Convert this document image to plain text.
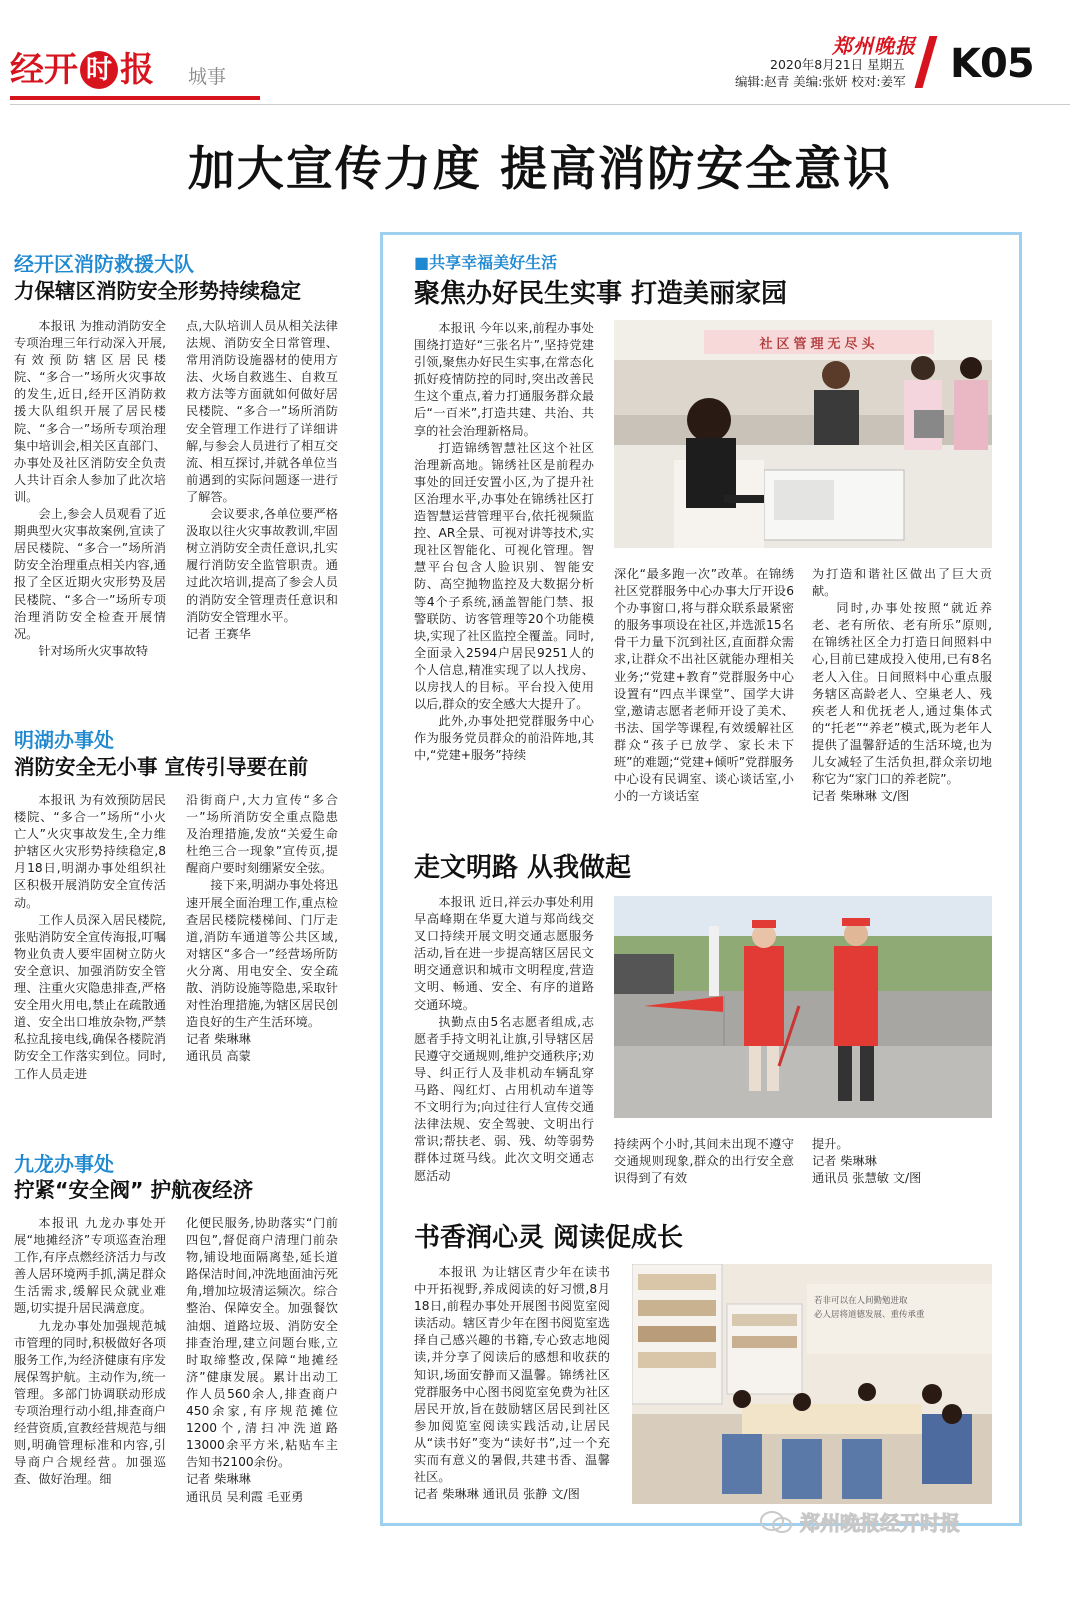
经开 时 报 城事
郑州晚报
2020年8月21日 星期五
编辑:赵青 美编:张妍 校对:姜军 K05
加大宣传力度 提高消防安全意识
经开区消防救援大队
力保辖区消防安全形势持续稳定

本报讯 为推动消防安全专项治理三年行动深入开展,有效预防辖区居民楼院、“多合一”场所火灾事故的发生,近日,经开区消防救援大队组织开展了居民楼院、“多合一”场所专项治理集中培训会,相关区直部门、办事处及社区消防安全负责人共计百余人参加了此次培训。

会上,参会人员观看了近期典型火灾事故案例,宣读了居民楼院、“多合一”场所消防安全治理重点相关内容,通报了全区近期火灾形势及居民楼院、“多合一”场所专项治理消防安全检查开展情况。

针对场所火灾事故特

点,大队培训人员从相关法律法规、消防安全日常管理、常用消防设施器材的使用方法、火场自救逃生、自救互救方法等方面就如何做好居民楼院、“多合一”场所消防安全管理工作进行了详细讲解,与参会人员进行了相互交流、相互探讨,并就各单位当前遇到的实际问题逐一进行了解答。

会议要求,各单位要严格汲取以往火灾事故教训,牢固树立消防安全责任意识,扎实履行消防安全监管职责。通过此次培训,提高了参会人员的消防安全管理责任意识和消防安全管理水平。

记者 王赛华
明湖办事处
消防安全无小事 宣传引导要在前

本报讯 为有效预防居民楼院、“多合一”场所“小火亡人”火灾事故发生,全力维护辖区火灾形势持续稳定,8月18日,明湖办事处组织社区积极开展消防安全宣传活动。

工作人员深入居民楼院,张贴消防安全宣传海报,叮嘱物业负责人要牢固树立防火安全意识、加强消防安全管理、注重火灾隐患排查,严格安全用火用电,禁止在疏散通道、安全出口堆放杂物,严禁私拉乱接电线,确保各楼院消防安全工作落实到位。同时,工作人员走进

沿街商户,大力宣传“多合一”场所消防安全重点隐患及治理措施,发放“关爱生命 杜绝三合一现象”宣传页,提醒商户要时刻绷紧安全弦。

接下来,明湖办事处将迅速开展全面治理工作,重点检查居民楼院楼梯间、门厅走道,消防车通道等公共区域,对辖区“多合一”经营场所防火分离、用电安全、安全疏散、消防设施等隐患,采取针对性治理措施,为辖区居民创造良好的生产生活环境。

记者 柴琳琳
通讯员 高蒙
九龙办事处
拧紧“安全阀” 护航夜经济

本报讯 九龙办事处开展“地摊经济”专项巡查治理工作,有序点燃经济活力与改善人居环境两手抓,满足群众生活需求,缓解民众就业难题,切实提升居民满意度。

九龙办事处加强规范城市管理的同时,积极做好各项服务工作,为经济健康有序发展保驾护航。主动作为,统一管理。多部门协调联动形成专项治理行动小组,排查商户经营资质,宣教经营规范与细则,明确管理标准和内容,引导商户合规经营。加强巡查、做好治理。细

化便民服务,协助落实“门前四包”,督促商户清理门前杂物,铺设地面隔离垫,延长道路保洁时间,冲洗地面油污死角,增加垃圾清运频次。综合整治、保障安全。加强餐饮油烟、道路垃圾、消防安全排查治理,建立问题台账,立时取缔整改,保障“地摊经济”健康发展。累计出动工作人员560余人,排查商户450余家,有序规范摊位1200个,清扫冲洗道路13000余平方米,粘贴车主告知书2100余份。

记者 柴琳琳
通讯员 吴利霞 毛亚勇
■共享幸福美好生活
聚焦办好民生实事 打造美丽家园

本报讯 今年以来,前程办事处围绕打造好“三张名片”,坚持党建引领,聚焦办好民生实事,在常态化抓好疫情防控的同时,突出改善民生这个重点,着力打通服务群众最后“一百米”,打造共建、共治、共享的社会治理新格局。

打造锦绣智慧社区这个社区治理新高地。锦绣社区是前程办事处的回迁安置小区,为了提升社区治理水平,办事处在锦绣社区打造智慧运营管理平台,依托视频监控、AR全景、可视对讲等技术,实现社区智能化、可视化管理。智慧平台包含人脸识别、智能安防、高空抛物监控及大数据分析等4个子系统,涵盖智能门禁、报警联防、访客管理等20个功能模块,实现了社区监控全覆盖。同时,全面录入2594户居民9251人的个人信息,精准实现了以人找房、以房找人的目标。平台投入使用以后,群众的安全感大大提升了。

此外,办事处把党群服务中心作为服务党员群众的前沿阵地,其中,“党建+服务”持续

社区管理无尽头

深化“最多跑一次”改革。在锦绣社区党群服务中心办事大厅开设6个办事窗口,将与群众联系最紧密的服务事项设在社区,并选派15名骨干力量下沉到社区,直面群众需求,让群众不出社区就能办理相关业务;“党建+教育”党群服务中心设置有“四点半课堂”、国学大讲堂,邀请志愿者老师开设了美术、书法、国学等课程,有效缓解社区群众“孩子已放学、家长未下班”的难题;“党建+倾听”党群服务中心设有民调室、谈心谈话室,小小的一方谈话室

为打造和谐社区做出了巨大贡献。

同时,办事处按照“就近养老、老有所依、老有所乐”原则,在锦绣社区全力打造日间照料中心,目前已建成投入使用,已有8名老人入住。日间照料中心重点服务辖区高龄老人、空巢老人、残疾老人和优抚老人,通过集体式的“托老”“养老”模式,既为老年人提供了温馨舒适的生活环境,也为儿女减轻了生活负担,群众亲切地称它为“家门口的养老院”。

记者 柴琳琳 文/图
走文明路 从我做起

本报讯 近日,祥云办事处利用早高峰期在华夏大道与郑尚线交叉口持续开展文明交通志愿服务活动,旨在进一步提高辖区居民文明交通意识和城市文明程度,营造文明、畅通、安全、有序的道路交通环境。

执勤点由5名志愿者组成,志愿者手持文明礼让旗,引导辖区居民遵守交通规则,维护交通秩序;劝导、纠正行人及非机动车辆乱穿马路、闯红灯、占用机动车道等不文明行为;向过往行人宣传交通法律法规、安全驾驶、文明出行常识;帮扶老、弱、残、幼等弱势群体过斑马线。此次文明交通志愿活动

持续两个小时,其间未出现不遵守交通规则现象,群众的出行安全意识得到了有效

提升。

记者 柴琳琳
通讯员 张慧敏 文/图
书香润心灵 阅读促成长

本报讯 为让辖区青少年在读书中开拓视野,养成阅读的好习惯,8月18日,前程办事处开展图书阅览室阅读活动。辖区青少年在图书阅览室选择自己感兴趣的书籍,专心致志地阅读,并分享了阅读后的感想和收获的知识,场面安静而又温馨。锦绣社区党群服务中心图书阅览室免费为社区居民开放,旨在鼓励辖区居民到社区参加阅览室阅读实践活动,让居民从“读书好”变为“读好书”,过一个充实而有意义的暑假,共建书香、温馨社区。

记者 柴琳琳 通讯员 张静 文/图
若非可以在人间勤勉进取
必人居将道德发展、重传承重
郑州晚报经开时报
